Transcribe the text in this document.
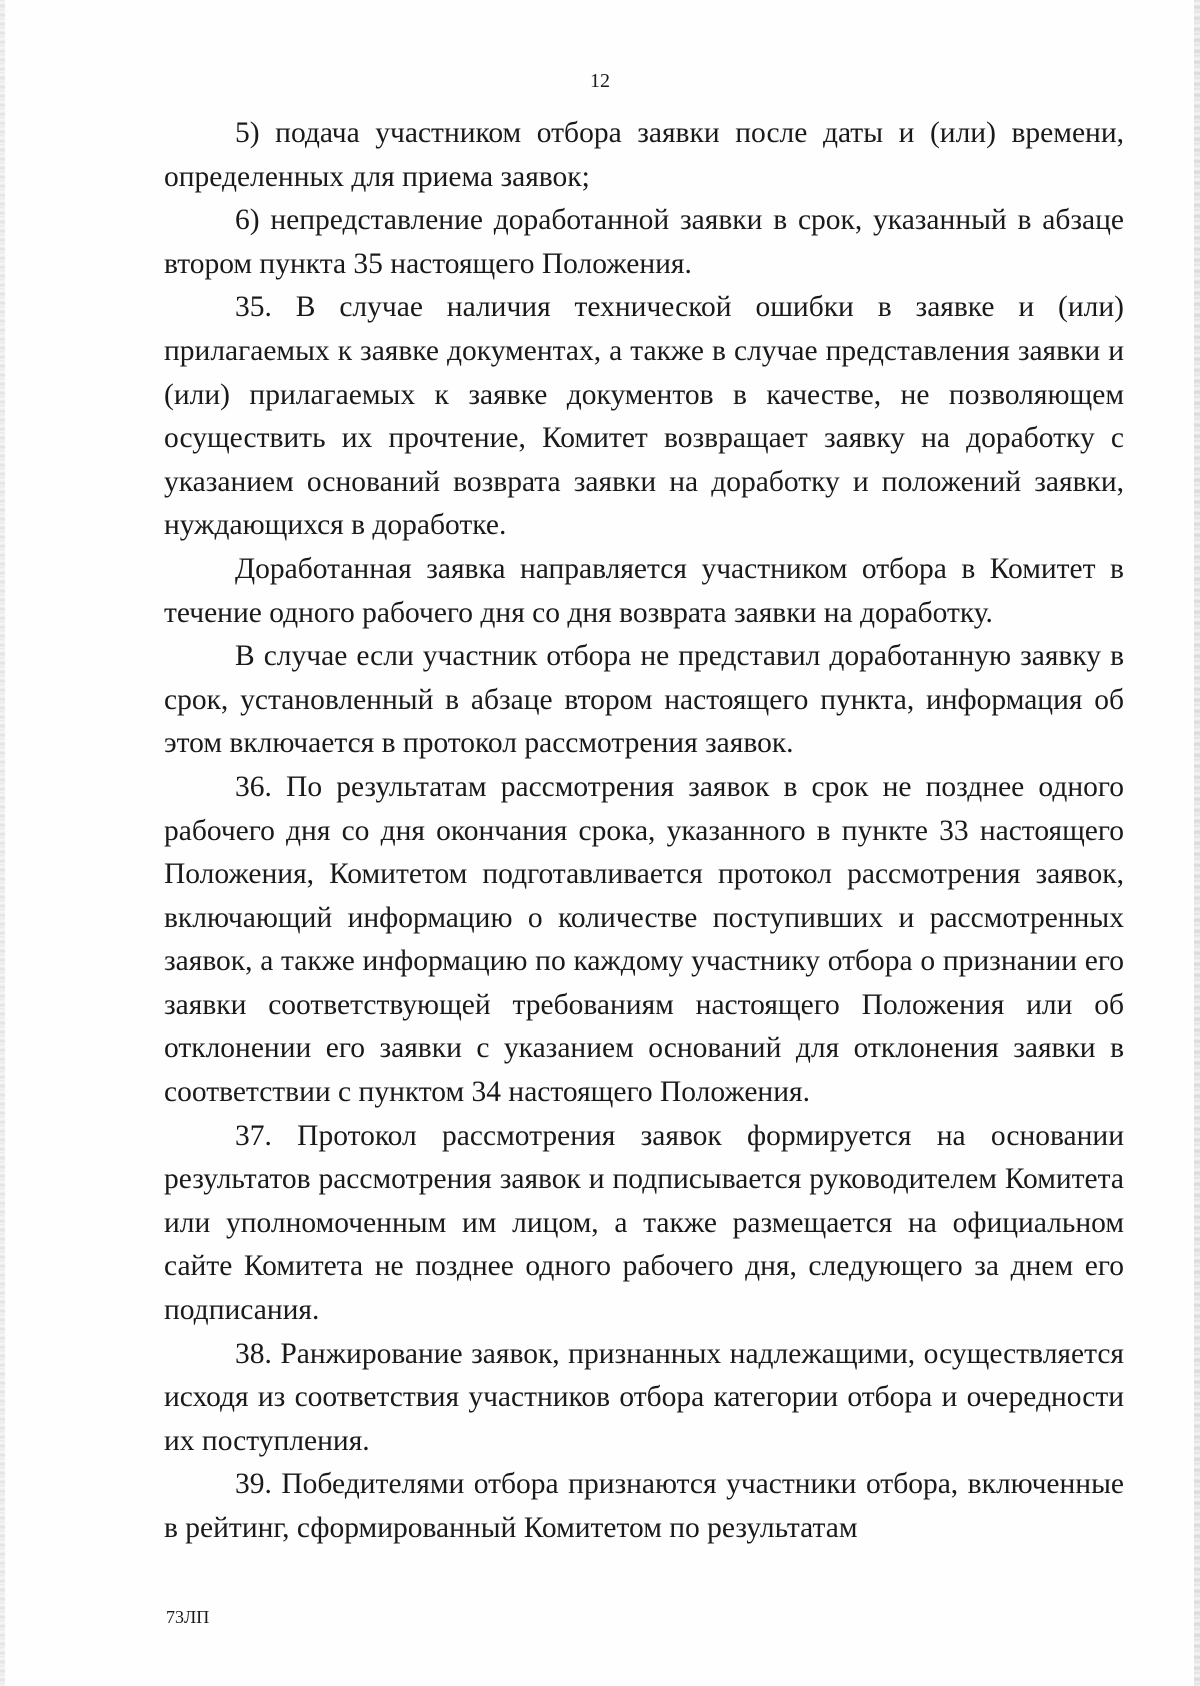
12

5) подача участником отбора заявки после даты и (или) времени, определенных для приема заявок;

6) непредставление доработанной заявки в срок, указанный в абзаце втором пункта 35 настоящего Положения.

35. В случае наличия технической ошибки в заявке и (или) прилагаемых к заявке документах, а также в случае представления заявки и (или) прилагаемых к заявке документов в качестве, не позволяющем осуществить их прочтение, Комитет возвращает заявку на доработку с указанием оснований возврата заявки на доработку и положений заявки, нуждающихся в доработке.

Доработанная заявка направляется участником отбора в Комитет в течение одного рабочего дня со дня возврата заявки на доработку.

В случае если участник отбора не представил доработанную заявку в срок, установленный в абзаце втором настоящего пункта, информация об этом включается в протокол рассмотрения заявок.

36. По результатам рассмотрения заявок в срок не позднее одного рабочего дня со дня окончания срока, указанного в пункте 33 настоящего Положения, Комитетом подготавливается протокол рассмотрения заявок, включающий информацию о количестве поступивших и рассмотренных заявок, а также информацию по каждому участнику отбора о признании его заявки соответствующей требованиям настоящего Положения или об отклонении его заявки с указанием оснований для отклонения заявки в соответствии с пунктом 34 настоящего Положения.

37. Протокол рассмотрения заявок формируется на основании результатов рассмотрения заявок и подписывается руководителем Комитета или уполномоченным им лицом, а также размещается на официальном сайте Комитета не позднее одного рабочего дня, следующего за днем его подписания.

38. Ранжирование заявок, признанных надлежащими, осуществляется исходя из соответствия участников отбора категории отбора и очередности их поступления.

39. Победителями отбора признаются участники отбора, включенные в рейтинг, сформированный Комитетом по результатам

73ЛП
